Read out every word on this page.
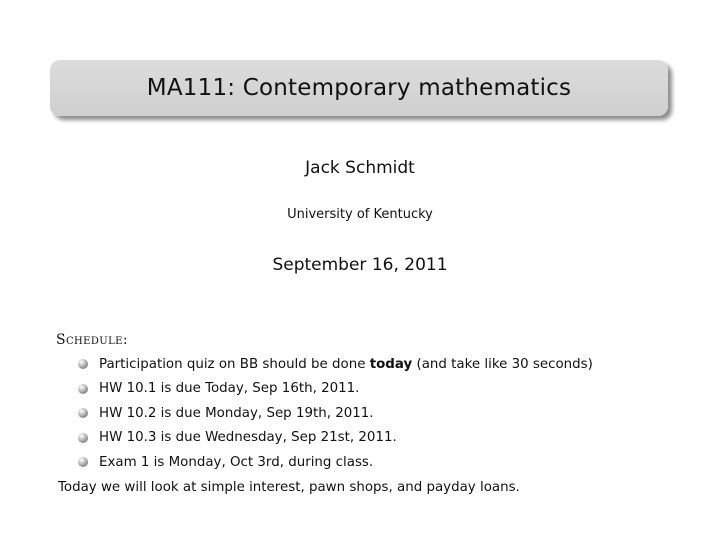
MA111: Contemporary mathematics
Jack Schmidt
University of Kentucky
September 16, 2011
Schedule:
Participation quiz on BB should be done today (and take like 30 seconds)
HW 10.1 is due Today, Sep 16th, 2011.
HW 10.2 is due Monday, Sep 19th, 2011.
HW 10.3 is due Wednesday, Sep 21st, 2011.
Exam 1 is Monday, Oct 3rd, during class.
Today we will look at simple interest, pawn shops, and payday loans.
